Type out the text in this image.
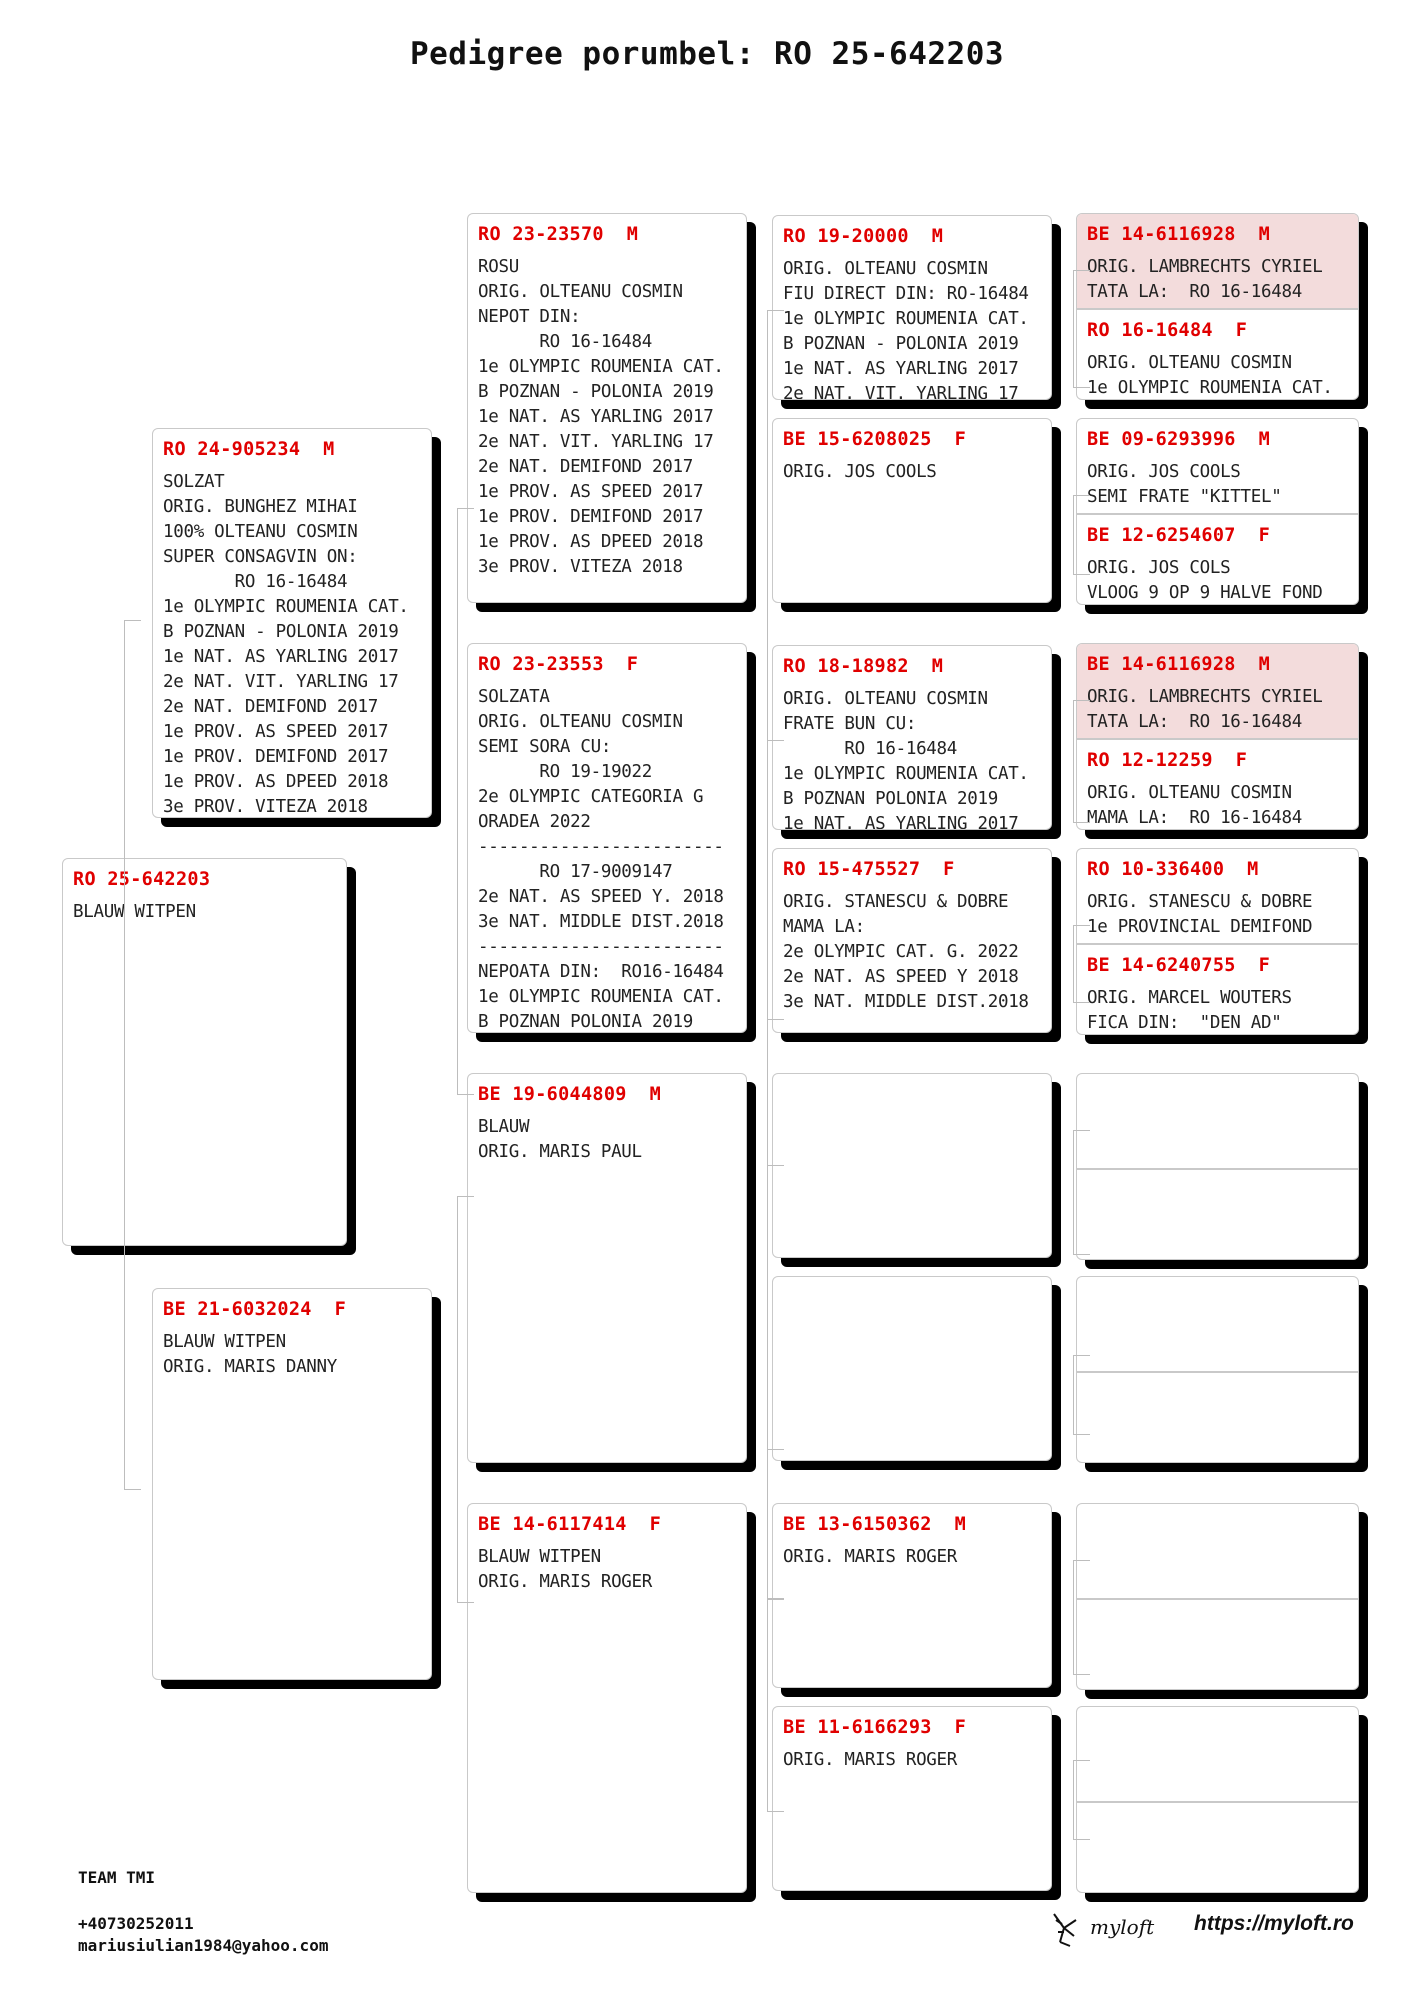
Pedigree porumbel: RO 25-642203
RO 25-642203
BLAUW WITPEN
RO 24-905234  M
SOLZAT
ORIG. BUNGHEZ MIHAI
100% OLTEANU COSMIN
SUPER CONSAGVIN ON:
RO 16-16484
1e OLYMPIC ROUMENIA CAT.
B POZNAN - POLONIA 2019
1e NAT. AS YARLING 2017
2e NAT. VIT. YARLING 17
2e NAT. DEMIFOND 2017
1e PROV. AS SPEED 2017
1e PROV. DEMIFOND 2017
1e PROV. AS DPEED 2018
3e PROV. VITEZA 2018
BE 21-6032024  F
BLAUW WITPEN
ORIG. MARIS DANNY
RO 23-23570  M
ROSU
ORIG. OLTEANU COSMIN
NEPOT DIN:
RO 16-16484
1e OLYMPIC ROUMENIA CAT.
B POZNAN - POLONIA 2019
1e NAT. AS YARLING 2017
2e NAT. VIT. YARLING 17
2e NAT. DEMIFOND 2017
1e PROV. AS SPEED 2017
1e PROV. DEMIFOND 2017
1e PROV. AS DPEED 2018
3e PROV. VITEZA 2018
RO 23-23553  F
SOLZATA
ORIG. OLTEANU COSMIN
SEMI SORA CU:
RO 19-19022
2e OLYMPIC CATEGORIA G
ORADEA 2022
------------------------
RO 17-9009147
2e NAT. AS SPEED Y. 2018
3e NAT. MIDDLE DIST.2018
------------------------
NEPOATA DIN:  RO16-16484
1e OLYMPIC ROUMENIA CAT.
B POZNAN POLONIA 2019
BE 19-6044809  M
BLAUW
ORIG. MARIS PAUL
BE 14-6117414  F
BLAUW WITPEN
ORIG. MARIS ROGER
RO 19-20000  M
ORIG. OLTEANU COSMIN
FIU DIRECT DIN: RO-16484
1e OLYMPIC ROUMENIA CAT.
B POZNAN - POLONIA 2019
1e NAT. AS YARLING 2017
2e NAT. VIT. YARLING 17
BE 15-6208025  F
ORIG. JOS COOLS
RO 18-18982  M
ORIG. OLTEANU COSMIN
FRATE BUN CU:
RO 16-16484
1e OLYMPIC ROUMENIA CAT.
B POZNAN POLONIA 2019
1e NAT. AS YARLING 2017
RO 15-475527  F
ORIG. STANESCU & DOBRE
MAMA LA:
2e OLYMPIC CAT. G. 2022
2e NAT. AS SPEED Y 2018
3e NAT. MIDDLE DIST.2018
BE 13-6150362  M
ORIG. MARIS ROGER
BE 11-6166293  F
ORIG. MARIS ROGER
BE 14-6116928  M
ORIG. LAMBRECHTS CYRIEL
TATA LA:  RO 16-16484
RO 16-16484  F
ORIG. OLTEANU COSMIN
1e OLYMPIC ROUMENIA CAT.
BE 09-6293996  M
ORIG. JOS COOLS
SEMI FRATE "KITTEL"
BE 12-6254607  F
ORIG. JOS COLS
VLOOG 9 OP 9 HALVE FOND
BE 14-6116928  M
ORIG. LAMBRECHTS CYRIEL
TATA LA:  RO 16-16484
RO 12-12259  F
ORIG. OLTEANU COSMIN
MAMA LA:  RO 16-16484
RO 10-336400  M
ORIG. STANESCU & DOBRE
1e PROVINCIAL DEMIFOND
BE 14-6240755  F
ORIG. MARCEL WOUTERS
FICA DIN:  "DEN AD"
TEAM TMI
+40730252011
mariusiulian1984@yahoo.com
myloft https://myloft.ro
